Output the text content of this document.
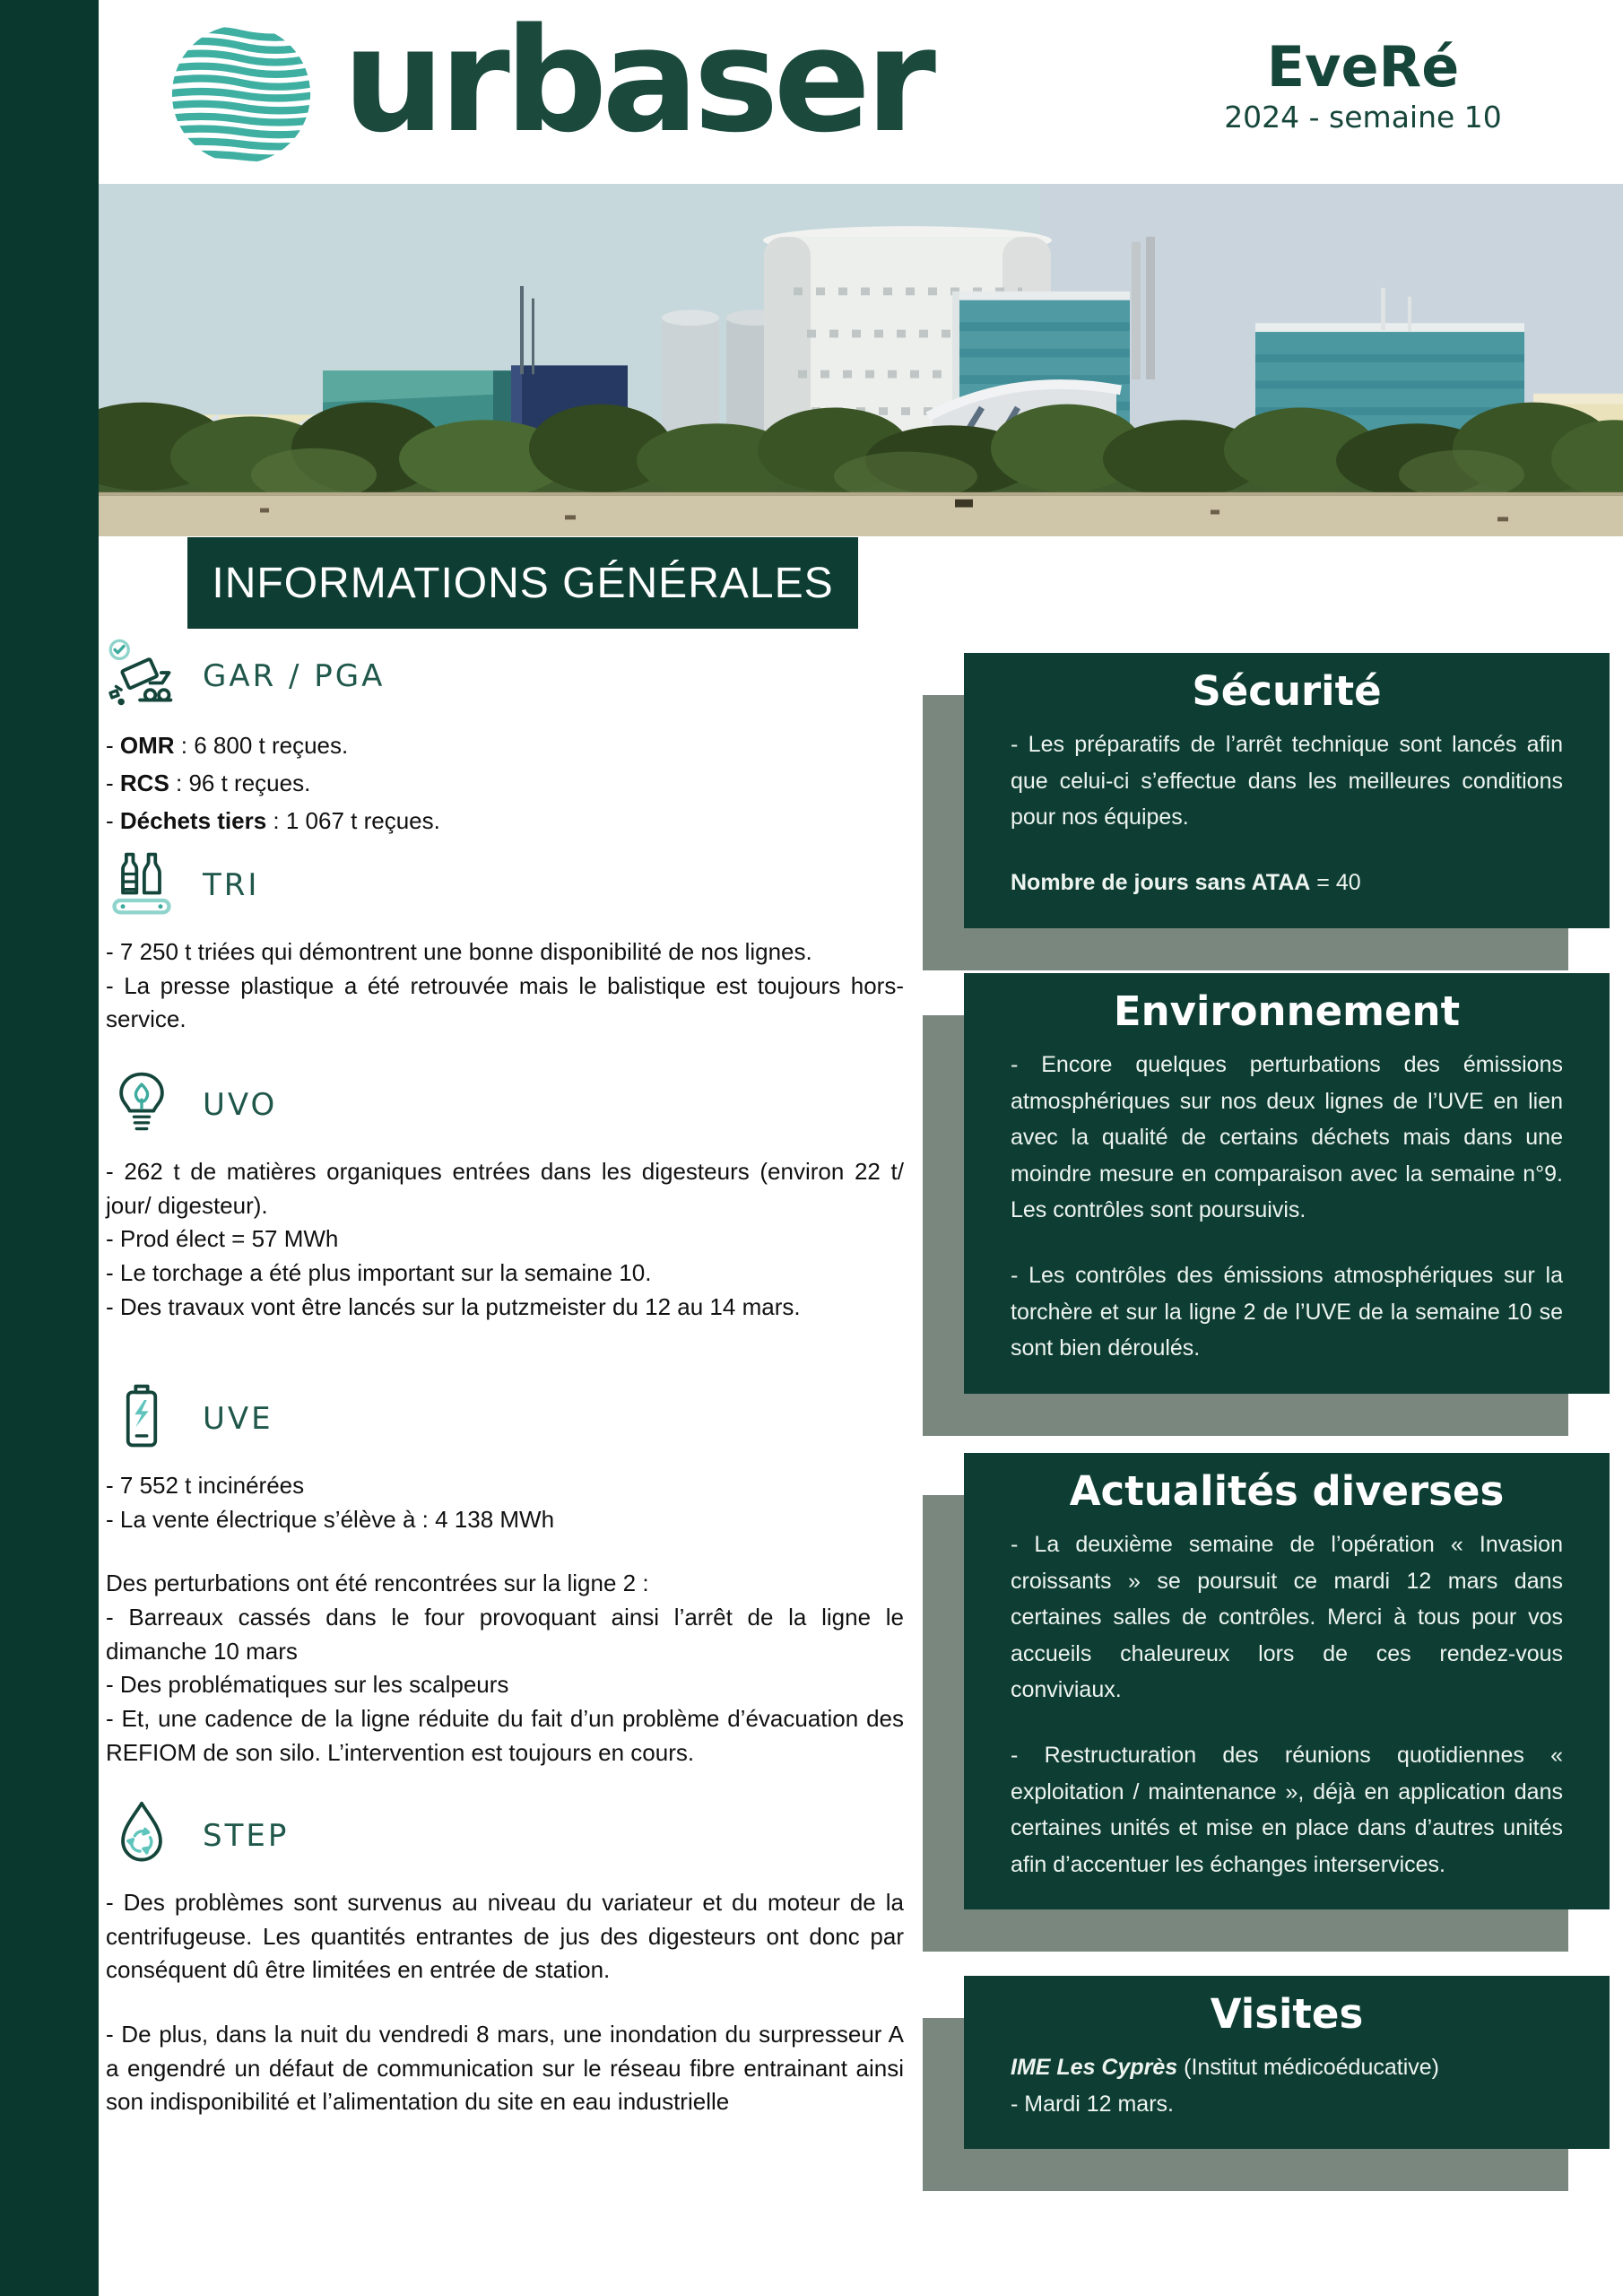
urbaser	EveRé
2024 - semaine 10
INFORMATIONS GÉNÉRALES
GAR / PGA

- OMR : 6 800 t reçues.

- RCS : 96 t reçues.

- Déchets tiers : 1 067 t reçues.

TRI

- 7 250 t triées qui démontrent une bonne disponibilité de nos lignes.

- La presse plastique a été retrouvée mais le balistique est toujours hors-service.

UVO

- 262 t de matières organiques entrées dans les digesteurs (environ 22 t/ jour/ digesteur).

- Prod élect = 57 MWh

- Le torchage a été plus important sur la semaine 10.

- Des travaux vont être lancés sur la putzmeister du 12 au 14 mars.

UVE

- 7 552 t incinérées

- La vente électrique s’élève à : 4 138 MWh

Des perturbations ont été rencontrées sur la ligne 2 :

- Barreaux cassés dans le four provoquant ainsi l’arrêt de la ligne le dimanche 10 mars

- Des problématiques sur les scalpeurs

- Et, une cadence de la ligne réduite du fait d’un problème d’évacuation des REFIOM de son silo. L’intervention est toujours en cours.

STEP

- Des problèmes sont survenus au niveau du variateur et du moteur de la centrifugeuse. Les quantités entrantes de jus des digesteurs ont donc par conséquent dû être limitées en entrée de station.

- De plus, dans la nuit du vendredi 8 mars, une inondation du surpresseur A a engendré un défaut de communication sur le réseau fibre entrainant ainsi son indisponibilité et l’alimentation du site en eau industrielle

Sécurité

- Les préparatifs de l’arrêt technique sont lancés afin que celui-ci s’effectue dans les meilleures conditions pour nos équipes.

Nombre de jours sans ATAA = 40

Environnement

- Encore quelques perturbations des émissions atmosphériques sur nos deux lignes de l’UVE en lien avec la qualité de certains déchets mais dans une moindre mesure en comparaison avec la semaine n°9. Les contrôles sont poursuivis.

- Les contrôles des émissions atmosphériques sur la torchère et sur la ligne 2 de l’UVE de la semaine 10 se sont bien déroulés.

Actualités diverses

- La deuxième semaine de l’opération « Invasion croissants » se poursuit ce mardi 12 mars dans certaines salles de contrôles. Merci à tous pour vos accueils chaleureux lors de ces rendez-vous conviviaux.

- Restructuration des réunions quotidiennes « exploitation / maintenance », déjà en application dans certaines unités et mise en place dans d’autres unités afin d’accentuer les échanges interservices.

Visites

IME Les Cyprès (Institut médicoéducative)

- Mardi 12 mars.
